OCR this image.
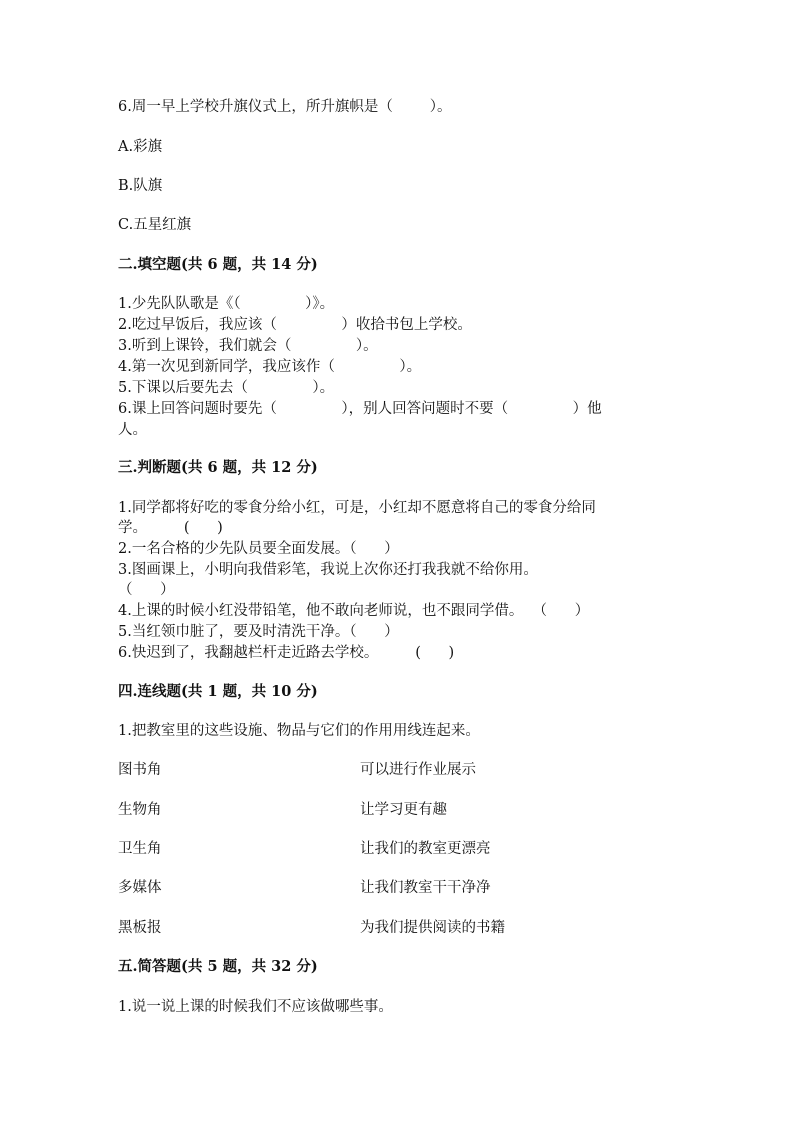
6.周一早上学校升旗仪式上，所升旗帜是（        ）。
A.彩旗
B.队旗
C.五星红旗
二.填空题(共 6 题，共 14 分)
1.少先队队歌是《（              ）》。
2.吃过早饭后，我应该（              ）收拾书包上学校。
3.听到上课铃，我们就会（              ）。
4.第一次见到新同学，我应该作（              ）。
5.下课以后要先去（              ）。
6.课上回答问题时要先（              ），别人回答问题时不要（              ）他
人。
三.判断题(共 6 题，共 12 分)
1.同学都将好吃的零食分给小红，可是，小红却不愿意将自己的零食分给同
学。        (      )
2.一名合格的少先队员要全面发展。（      ）
3.图画课上，小明向我借彩笔，我说上次你还打我我就不给你用。
（      ）
4.上课的时候小红没带铅笔，他不敢向老师说，也不跟同学借。  （      ）
5.当红领巾脏了，要及时清洗干净。（      ）
6.快迟到了，我翻越栏杆走近路去学校。        (      )
四.连线题(共 1 题，共 10 分)
1.把教室里的这些设施、物品与它们的作用用线连起来。
图书角	可以进行作业展示
生物角	让学习更有趣
卫生角	让我们的教室更漂亮
多媒体	让我们教室干干净净
黑板报	为我们提供阅读的书籍
五.简答题(共 5 题，共 32 分)
1.说一说上课的时候我们不应该做哪些事。
